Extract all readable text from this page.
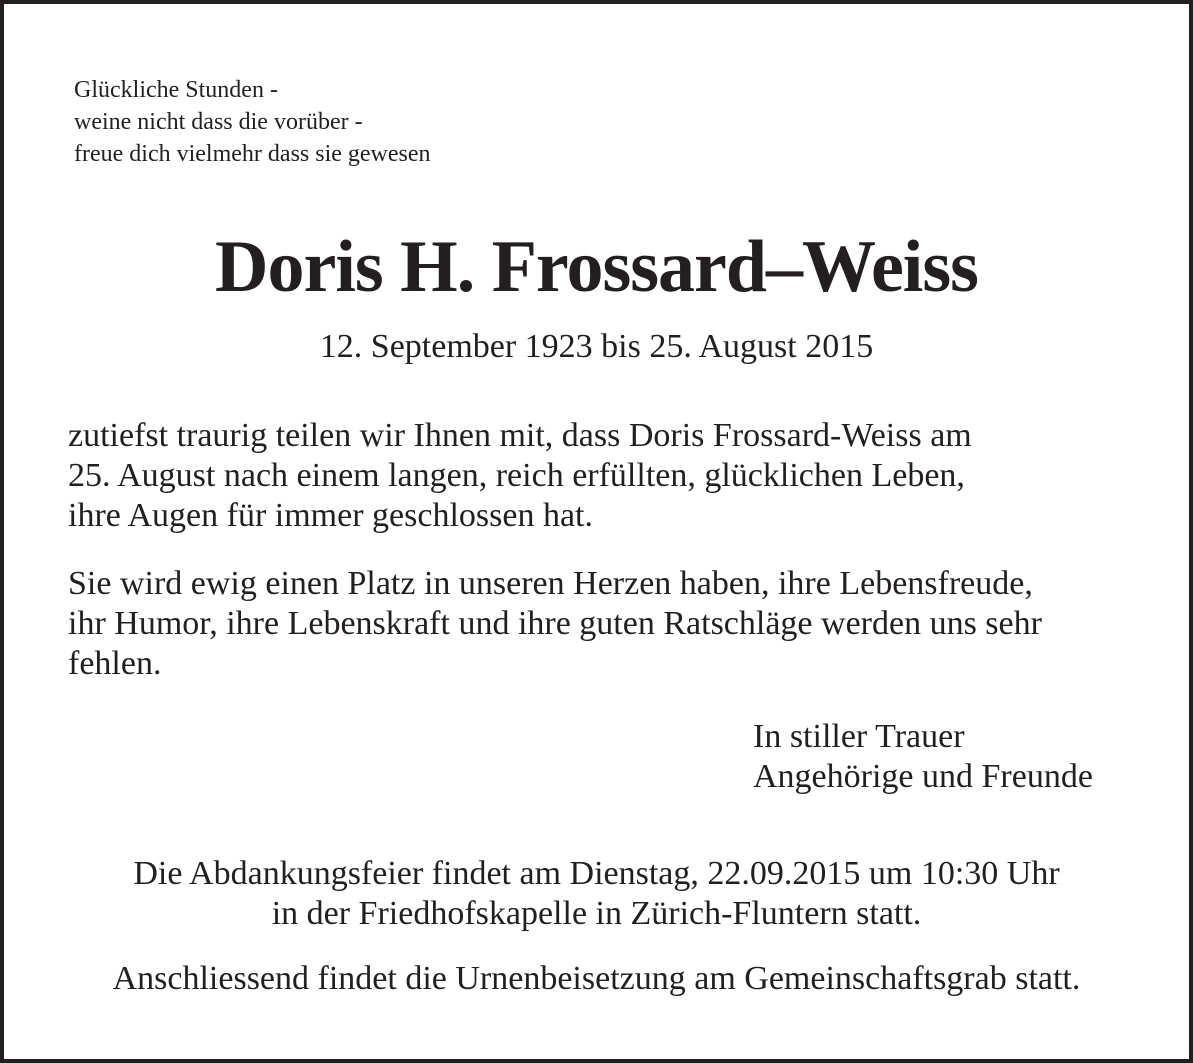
Glückliche Stunden -
weine nicht dass die vorüber -
freue dich vielmehr dass sie gewesen
Doris H. Frossard–Weiss
12. September 1923 bis 25. August 2015
zutiefst traurig teilen wir Ihnen mit, dass Doris Frossard-Weiss am
25. August nach einem langen, reich erfüllten, glücklichen Leben,
ihre Augen für immer geschlossen hat.
Sie wird ewig einen Platz in unseren Herzen haben, ihre Lebensfreude,
ihr Humor, ihre Lebenskraft und ihre guten Ratschläge werden uns sehr
fehlen.
In stiller Trauer
Angehörige und Freunde
Die Abdankungsfeier findet am Dienstag, 22.09.2015 um 10:30 Uhr
in der Friedhofskapelle in Zürich-Fluntern statt.
Anschliessend findet die Urnenbeisetzung am Gemeinschaftsgrab statt.
